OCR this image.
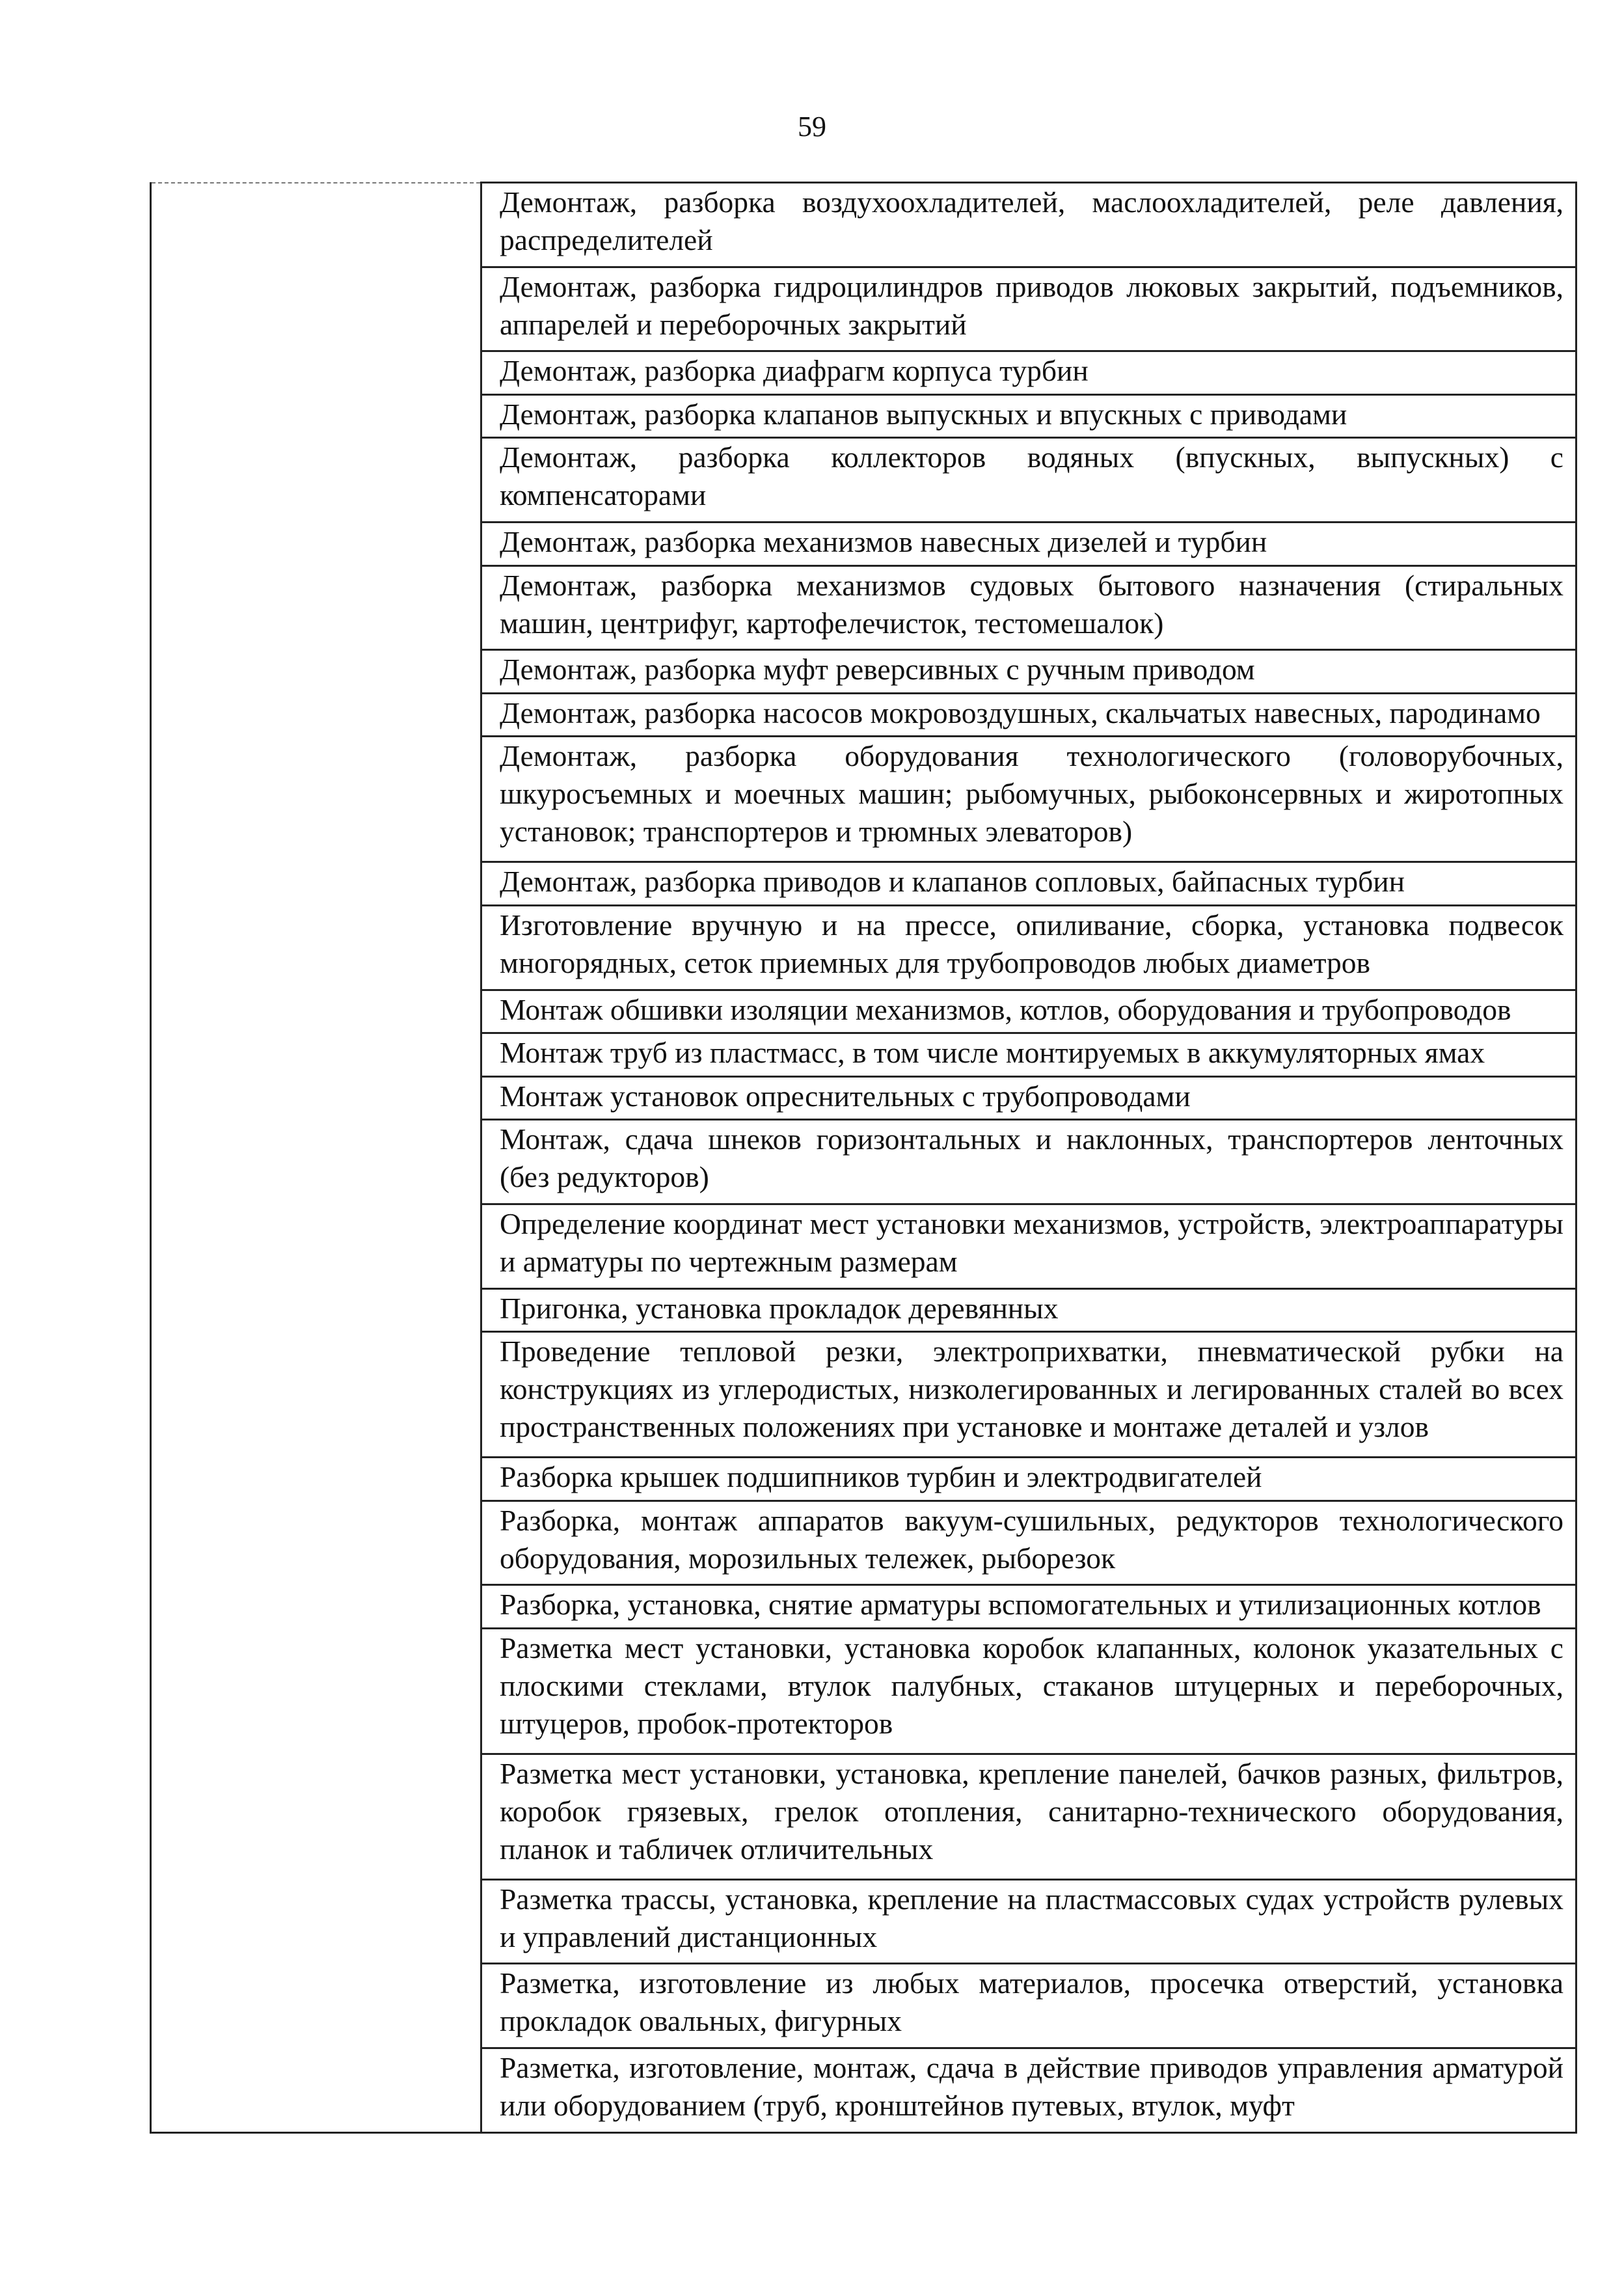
59

Демонтаж, разборка воздухоохладителей, маслоохладителей, реле давления, распределителей

Демонтаж, разборка гидроцилиндров приводов люковых закрытий, подъемников, аппарелей и переборочных закрытий

Демонтаж, разборка диафрагм корпуса турбин

Демонтаж, разборка клапанов выпускных и впускных с приводами

Демонтаж, разборка коллекторов водяных (впускных, выпускных) с компенсаторами

Демонтаж, разборка механизмов навесных дизелей и турбин

Демонтаж, разборка механизмов судовых бытового назначения (стиральных машин, центрифуг, картофелечисток, тестомешалок)

Демонтаж, разборка муфт реверсивных с ручным приводом

Демонтаж, разборка насосов мокровоздушных, скальчатых навесных, пародинамо

Демонтаж, разборка оборудования технологического (головорубочных, шкуросъемных и моечных машин; рыбомучных, рыбоконсервных и жиротопных установок; транспортеров и трюмных элеваторов)

Демонтаж, разборка приводов и клапанов сопловых, байпасных турбин

Изготовление вручную и на прессе, опиливание, сборка, установка подвесок многорядных, сеток приемных для трубопроводов любых диаметров

Монтаж обшивки изоляции механизмов, котлов, оборудования и трубопроводов

Монтаж труб из пластмасс, в том числе монтируемых в аккумуляторных ямах

Монтаж установок опреснительных с трубопроводами

Монтаж, сдача шнеков горизонтальных и наклонных, транспортеров ленточных (без редукторов)

Определение координат мест установки механизмов, устройств, электроаппаратуры и арматуры по чертежным размерам

Пригонка, установка прокладок деревянных

Проведение тепловой резки, электроприхватки, пневматической рубки на конструкциях из углеродистых, низколегированных и легированных сталей во всех пространственных положениях при установке и монтаже деталей и узлов

Разборка крышек подшипников турбин и электродвигателей

Разборка, монтаж аппаратов вакуум-сушильных, редукторов технологического оборудования, морозильных тележек, рыборезок

Разборка, установка, снятие арматуры вспомогательных и утилизационных котлов

Разметка мест установки, установка коробок клапанных, колонок указательных с плоскими стеклами, втулок палубных, стаканов штуцерных и переборочных, штуцеров, пробок-протекторов

Разметка мест установки, установка, крепление панелей, бачков разных, фильтров, коробок грязевых, грелок отопления, санитарно-технического оборудования, планок и табличек отличительных

Разметка трассы, установка, крепление на пластмассовых судах устройств рулевых и управлений дистанционных

Разметка, изготовление из любых материалов, просечка отверстий, установка прокладок овальных, фигурных

Разметка, изготовление, монтаж, сдача в действие приводов управления арматурой или оборудованием (труб, кронштейнов путевых, втулок, муфт
